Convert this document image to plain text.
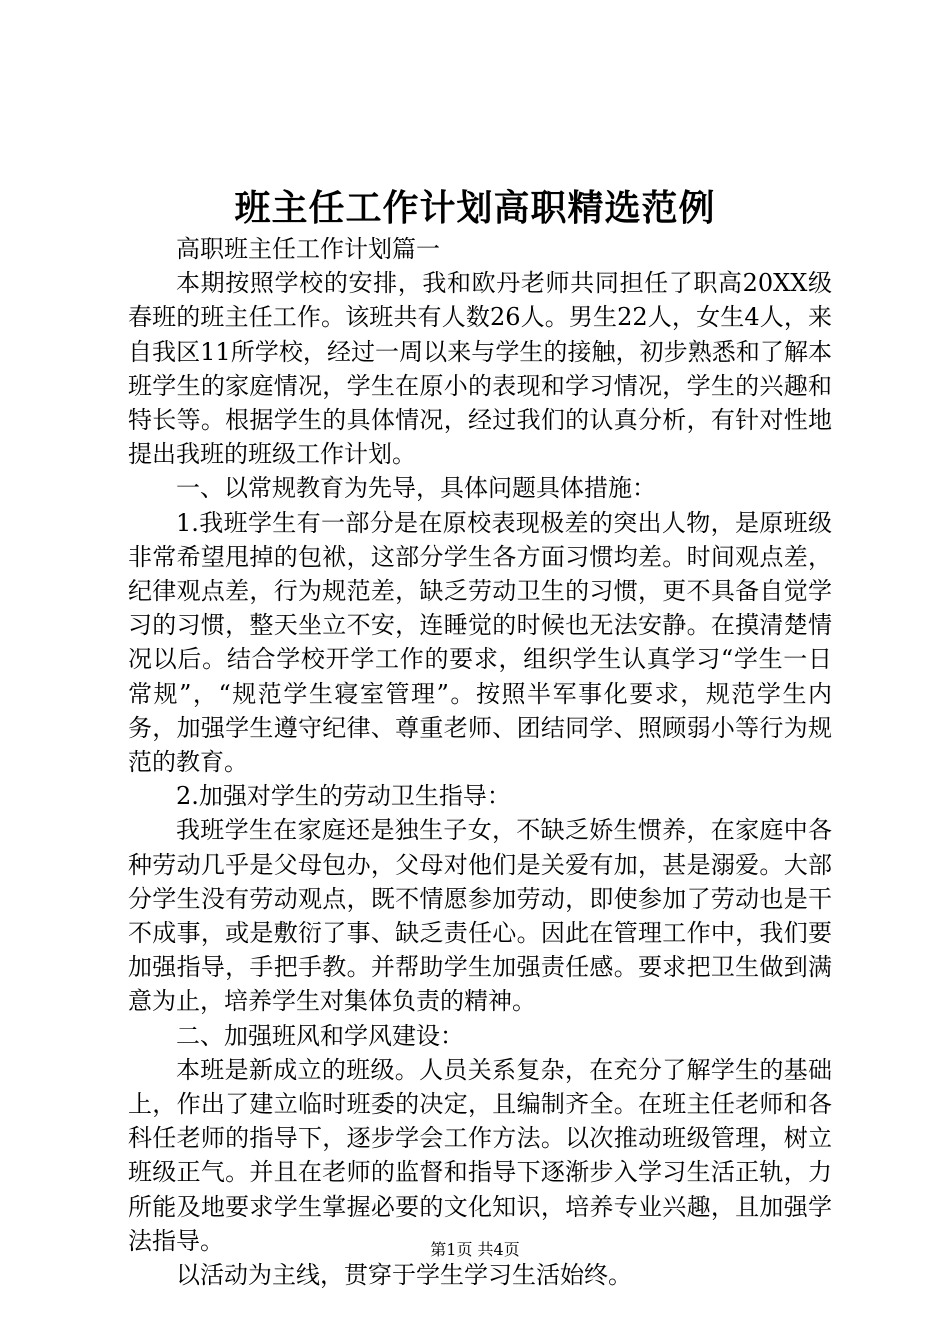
班主任工作计划高职精选范例

高职班主任工作计划篇一

本期按照学校的安排，我和欧丹老师共同担任了职高20XX级春班的班主任工作。该班共有人数26人。男生22人，女生4人，来自我区11所学校，经过一周以来与学生的接触，初步熟悉和了解本班学生的家庭情况，学生在原小的表现和学习情况，学生的兴趣和特长等。根据学生的具体情况，经过我们的认真分析，有针对性地提出我班的班级工作计划。

一、以常规教育为先导，具体问题具体措施：

1.我班学生有一部分是在原校表现极差的突出人物，是原班级非常希望甩掉的包袱，这部分学生各方面习惯均差。时间观点差，纪律观点差，行为规范差，缺乏劳动卫生的习惯，更不具备自觉学习的习惯，整天坐立不安，连睡觉的时候也无法安静。在摸清楚情况以后。结合学校开学工作的要求，组织学生认真学习“学生一日常规”，“规范学生寝室管理”。按照半军事化要求，规范学生内务，加强学生遵守纪律、尊重老师、团结同学、照顾弱小等行为规范的教育。

2.加强对学生的劳动卫生指导：

我班学生在家庭还是独生子女，不缺乏娇生惯养，在家庭中各种劳动几乎是父母包办，父母对他们是关爱有加，甚是溺爱。大部分学生没有劳动观点，既不情愿参加劳动，即使参加了劳动也是干不成事，或是敷衍了事、缺乏责任心。因此在管理工作中，我们要加强指导，手把手教。并帮助学生加强责任感。要求把卫生做到满意为止，培养学生对集体负责的精神。

二、加强班风和学风建设：

本班是新成立的班级。人员关系复杂，在充分了解学生的基础上，作出了建立临时班委的决定，且编制齐全。在班主任老师和各科任老师的指导下，逐步学会工作方法。以次推动班级管理，树立班级正气。并且在老师的监督和指导下逐渐步入学习生活正轨，力所能及地要求学生掌握必要的文化知识，培养专业兴趣，且加强学法指导。

以活动为主线，贯穿于学生学习生活始终。

第1页 共4页
